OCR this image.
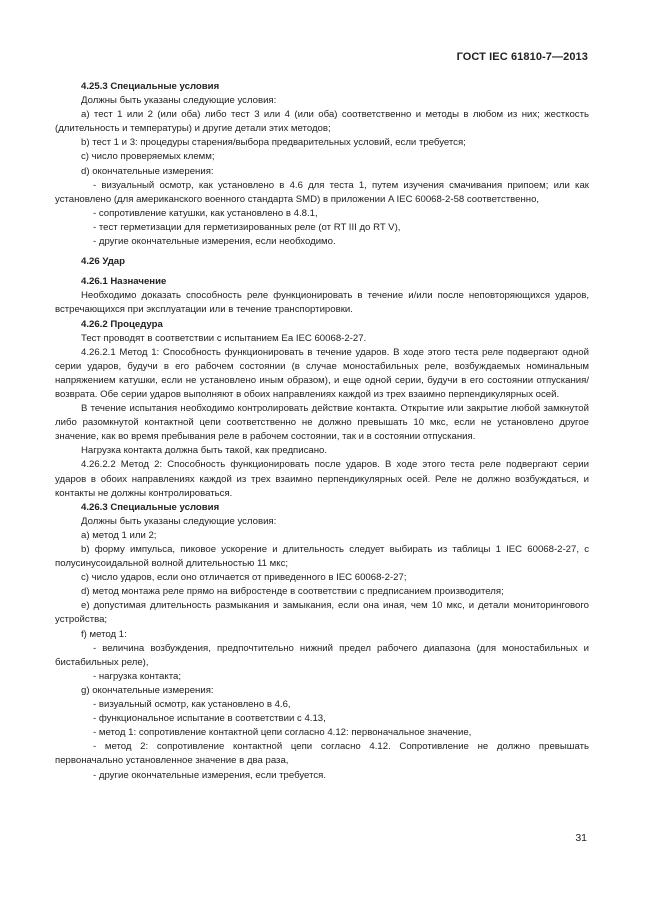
ГОСТ IEC 61810-7—2013

4.25.3 Специальные условия

Должны быть указаны следующие условия:

a) тест 1 или 2 (или оба) либо тест 3 или 4 (или оба) соответственно и методы в любом из них; жесткость (длительность и температуры) и другие детали этих методов;

b) тест 1 и 3: процедуры старения/выбора предварительных условий, если требуется;

c) число проверяемых клемм;

d) окончательные измерения:

- визуальный осмотр, как установлено в 4.6 для теста 1, путем изучения смачивания припоем; или как установлено (для американского военного стандарта SMD) в приложении A IEC 60068-2-58 соответственно,

- сопротивление катушки, как установлено в 4.8.1,

- тест герметизации для герметизированных реле (от RT III до RT V),

- другие окончательные измерения, если необходимо.

4.26 Удар

4.26.1 Назначение

Необходимо доказать способность реле функционировать в течение и/или после неповторяющихся ударов, встречающихся при эксплуатации или в течение транспортировки.

4.26.2 Процедура

Тест проводят в соответствии с испытанием Ea IEC 60068-2-27.

4.26.2.1 Метод 1: Способность функционировать в течение ударов. В ходе этого теста реле подвергают одной серии ударов, будучи в его рабочем состоянии (в случае моностабильных реле, возбуждаемых номинальным напряжением катушки, если не установлено иным образом), и еще одной серии, будучи в его состоянии отпускания/возврата. Обе серии ударов выполняют в обоих направлениях каждой из трех взаимно перпендикулярных осей.

В течение испытания необходимо контролировать действие контакта. Открытие или закрытие любой замкнутой либо разомкнутой контактной цепи соответственно не должно превышать 10 мкс, если не установлено другое значение, как во время пребывания реле в рабочем состоянии, так и в состоянии отпускания.

Нагрузка контакта должна быть такой, как предписано.

4.26.2.2 Метод 2: Способность функционировать после ударов. В ходе этого теста реле подвергают серии ударов в обоих направлениях каждой из трех взаимно перпендикулярных осей. Реле не должно возбуждаться, и контакты не должны контролироваться.

4.26.3 Специальные условия

Должны быть указаны следующие условия:

a) метод 1 или 2;

b) форму импульса, пиковое ускорение и длительность следует выбирать из таблицы 1 IEC 60068-2-27, с полусинусоидальной волной длительностью 11 мкс;

c) число ударов, если оно отличается от приведенного в IEC 60068-2-27;

d) метод монтажа реле прямо на вибростенде в соответствии с предписанием производителя;

e) допустимая длительность размыкания и замыкания, если она иная, чем 10 мкс, и детали мониторингового устройства;

f) метод 1:

- величина возбуждения, предпочтительно нижний предел рабочего диапазона (для моностабильных и бистабильных реле),

- нагрузка контакта;

g) окончательные измерения:

- визуальный осмотр, как установлено в 4.6,

- функциональное испытание в соответствии с 4.13,

- метод 1: сопротивление контактной цепи согласно 4.12: первоначальное значение,

- метод 2: сопротивление контактной цепи согласно 4.12. Сопротивление не должно превышать первоначально установленное значение в два раза,

- другие окончательные измерения, если требуется.

31
